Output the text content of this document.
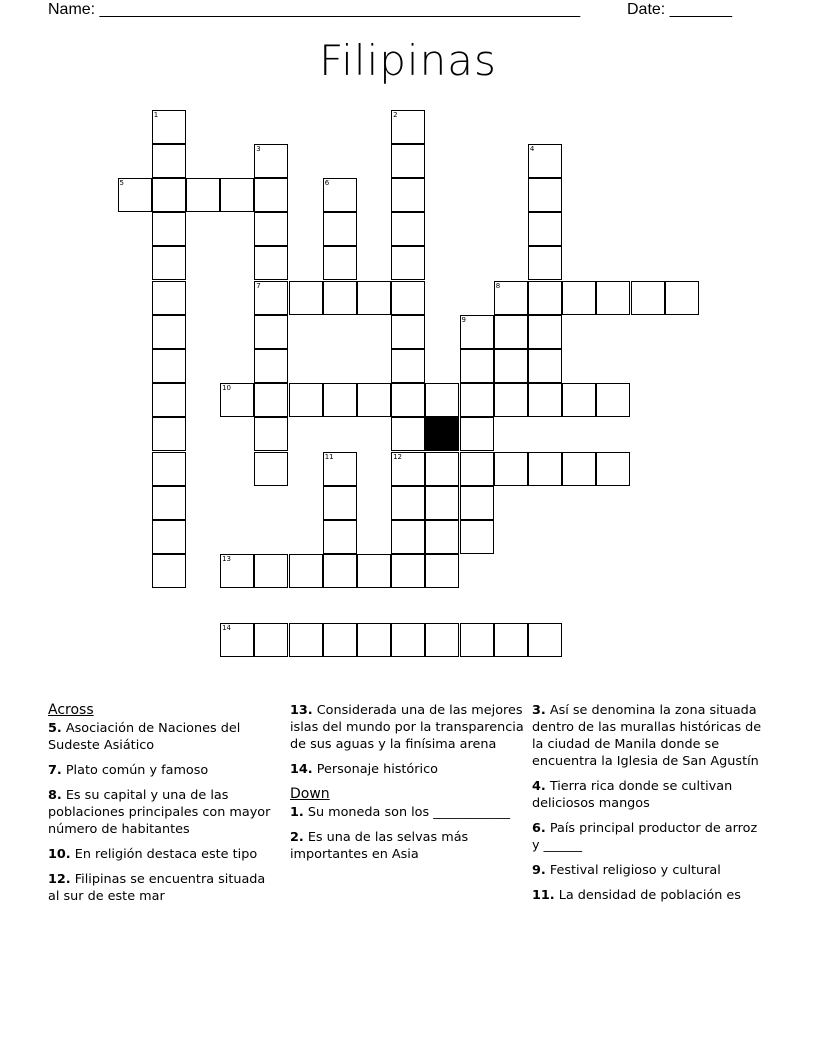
Name: ______________________________________________________	Date: _______
Filipinas
1	2
3	4
5	6
7	8
9
10
11	12
13
14
Across
5. Asociación de Naciones del Sudeste Asiático
7. Plato común y famoso
8. Es su capital y una de las poblaciones principales con mayor número de habitantes
10. En religión destaca este tipo
12. Filipinas se encuentra situada al sur de este mar
13. Considerada una de las mejores islas del mundo por la transparencia de sus aguas y la finísima arena
14. Personaje histórico
Down
1. Su moneda son los ____________
2. Es una de las selvas más importantes en Asia
3. Así se denomina la zona situada dentro de las murallas históricas de la ciudad de Manila donde se encuentra la Iglesia de San Agustín
4. Tierra rica donde se cultivan deliciosos mangos
6. País principal productor de arroz y ______
9. Festival religioso y cultural
11. La densidad de población es
